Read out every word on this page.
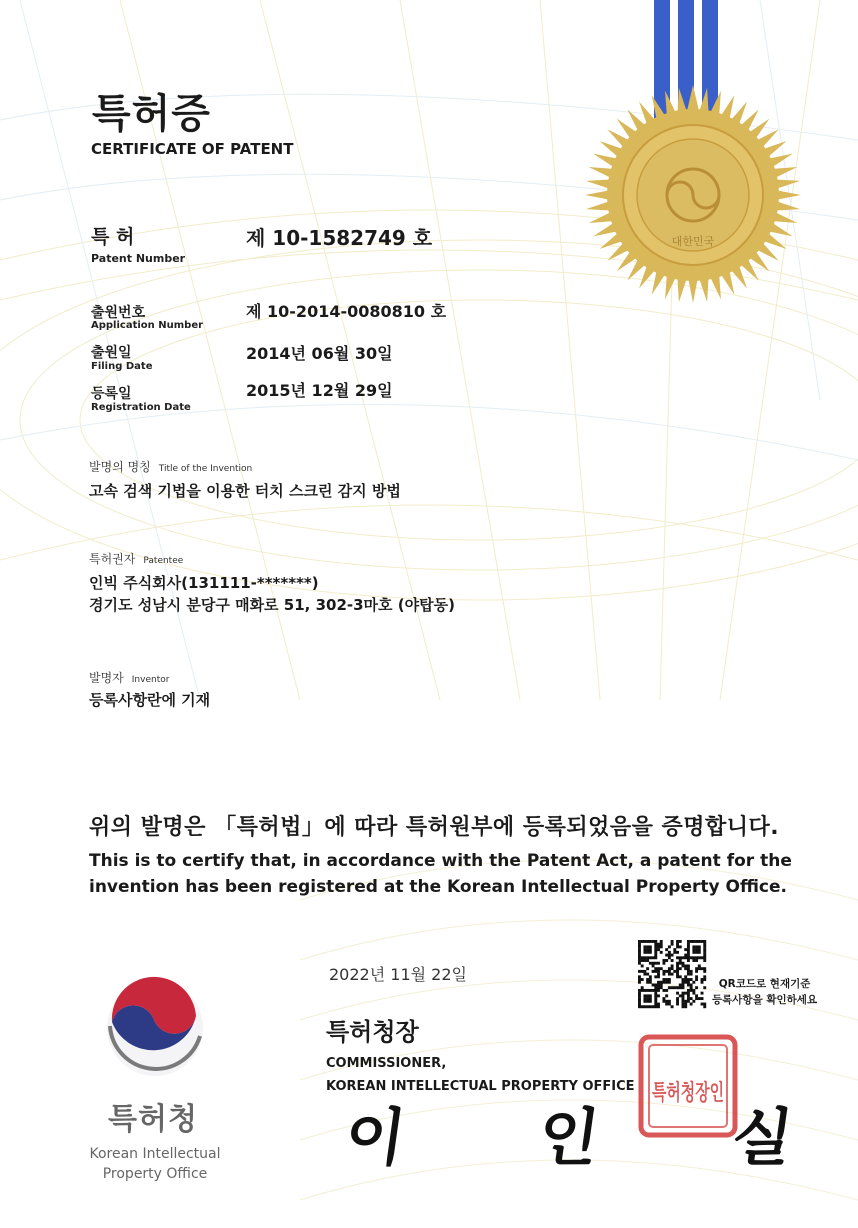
대한민국
특허증
CERTIFICATE OF PATENT
특 허
Patent Number
제 10-1582749 호
출원번호
Application Number
제 10-2014-0080810 호
출원일
Filing Date
2014년 06월 30일
등록일
Registration Date
2015년 12월 29일
발명의 명칭 Title of the Invention
고속 검색 기법을 이용한 터치 스크린 감지 방법
특허권자 Patentee
인빅 주식회사(131111-*******)
경기도 성남시 분당구 매화로 51, 302-3마호 (야탑동)
발명자 Inventor
등록사항란에 기재
위의 발명은 「특허법」에 따라 특허원부에 등록되었음을 증명합니다.
This is to certify that, in accordance with the Patent Act, a patent for the invention has been registered at the Korean Intellectual Property Office.
2022년 11월 22일	QR코드로 현재기준
등록사항을 확인하세요
특허청장
COMMISSIONER,
KOREAN INTELLECTUAL PROPERTY OFFICE
이 인 실
특허청장인
특허청
Korean Intellectual
Property Office
